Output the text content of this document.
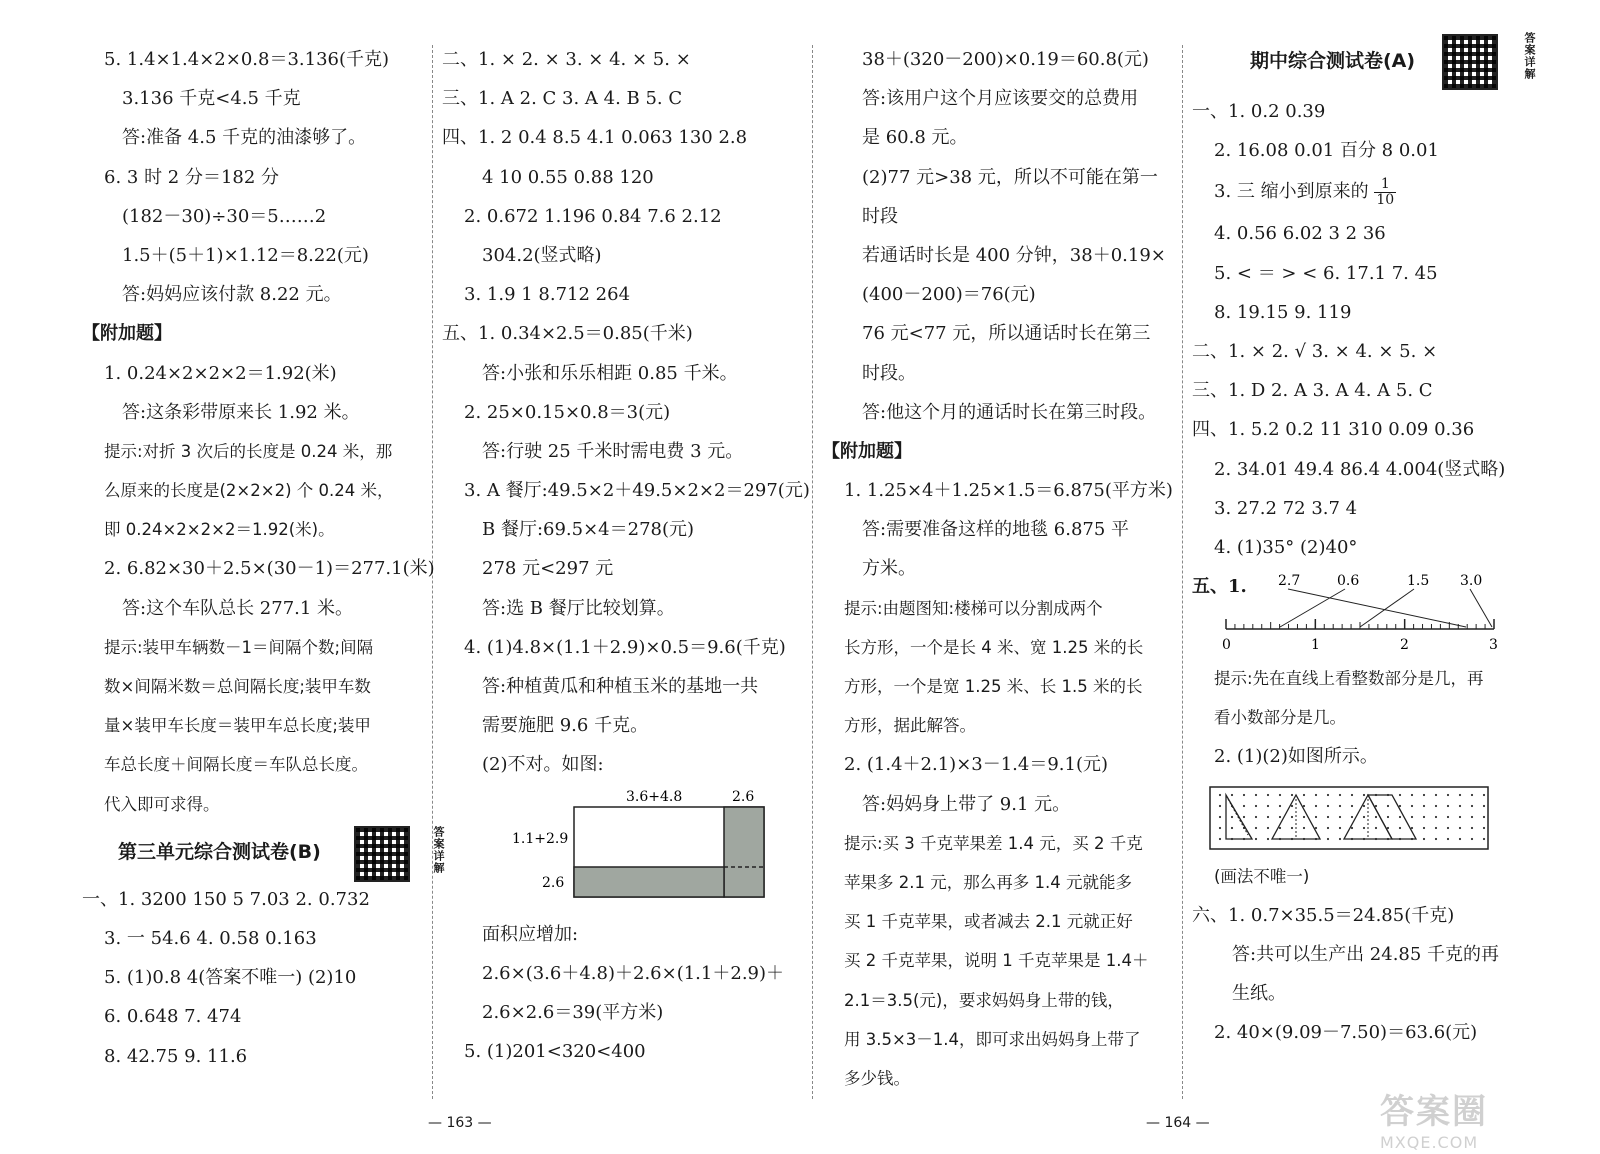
5. 1.4×1.4×2×0.8＝3.136(千克)
3.136 千克<4.5 千克
答:准备 4.5 千克的油漆够了。
6. 3 时 2 分＝182 分
(182－30)÷30＝5……2
1.5＋(5＋1)×1.12＝8.22(元)
答:妈妈应该付款 8.22 元。
【附加题】
1. 0.24×2×2×2＝1.92(米)
答:这条彩带原来长 1.92 米。
提示:对折 3 次后的长度是 0.24 米，那
么原来的长度是(2×2×2) 个 0.24 米，
即 0.24×2×2×2＝1.92(米)。
2. 6.82×30＋2.5×(30－1)＝277.1(米)
答:这个车队总长 277.1 米。
提示:装甲车辆数－1＝间隔个数;间隔
数×间隔米数＝总间隔长度;装甲车数
量×装甲车长度＝装甲车总长度;装甲
车总长度＋间隔长度＝车队总长度。
代入即可求得。
第三单元综合测试卷(B)	答案详解
一、1. 3200 150 5 7.03 2. 0.732
3. 一 54.6 4. 0.58 0.163
5. (1)0.8 4(答案不唯一) (2)10
6. 0.648 7. 474
8. 42.75 9. 11.6
二、1. × 2. × 3. × 4. × 5. ×
三、1. A 2. C 3. A 4. B 5. C
四、1. 2 0.4 8.5 4.1 0.063 130 2.8
4 10 0.55 0.88 120
2. 0.672 1.196 0.84 7.6 2.12
304.2(竖式略)
3. 1.9 1 8.712 264
五、1. 0.34×2.5＝0.85(千米)
答:小张和乐乐相距 0.85 千米。
2. 25×0.15×0.8＝3(元)
答:行驶 25 千米时需电费 3 元。
3. A 餐厅:49.5×2＋49.5×2×2＝297(元)
B 餐厅:69.5×4＝278(元)
278 元<297 元
答:选 B 餐厅比较划算。
4. (1)4.8×(1.1＋2.9)×0.5＝9.6(千克)
答:种植黄瓜和种植玉米的基地一共
需要施肥 9.6 千克。
(2)不对。如图:
3.6+4.8	2.6
1.1+2.9
2.6
面积应增加:
2.6×(3.6＋4.8)＋2.6×(1.1＋2.9)＋
2.6×2.6＝39(平方米)
5. (1)201<320<400
38＋(320－200)×0.19＝60.8(元)
答:该用户这个月应该要交的总费用
是 60.8 元。
(2)77 元>38 元，所以不可能在第一
时段
若通话时长是 400 分钟，38＋0.19×
(400－200)＝76(元)
76 元<77 元，所以通话时长在第三
时段。
答:他这个月的通话时长在第三时段。
【附加题】
1. 1.25×4＋1.25×1.5＝6.875(平方米)
答:需要准备这样的地毯 6.875 平
方米。
提示:由题图知:楼梯可以分割成两个
长方形，一个是长 4 米、宽 1.25 米的长
方形，一个是宽 1.25 米、长 1.5 米的长
方形，据此解答。
2. (1.4＋2.1)×3－1.4＝9.1(元)
答:妈妈身上带了 9.1 元。
提示:买 3 千克苹果差 1.4 元，买 2 千克
苹果多 2.1 元，那么再多 1.4 元就能多
买 1 千克苹果，或者减去 2.1 元就正好
买 2 千克苹果，说明 1 千克苹果是 1.4＋
2.1＝3.5(元)，要求妈妈身上带的钱，
用 3.5×3－1.4，即可求出妈妈身上带了
多少钱。
期中综合测试卷(A)	答案详解
一、1. 0.2 0.39
2. 16.08 0.01 百分 8 0.01
3. 三 缩小到原来的 $\frac{1}{10}$
4. 0.56 6.02 3 2 36
5. < ＝ > < 6. 17.1 7. 45
8. 19.15 9. 119
二、1. × 2. √ 3. × 4. × 5. ×
三、1. D 2. A 3. A 4. A 5. C
四、1. 5.2 0.2 11 310 0.09 0.36
2. 34.01 49.4 86.4 4.004(竖式略)
3. 27.2 72 3.7 4
4. (1)35° (2)40°
五、1. 2.7	0.6	1.5 3.0
0	1	2	3
提示:先在直线上看整数部分是几，再
看小数部分是几。
2. (1)(2)如图所示。
(画法不唯一)
六、1. 0.7×35.5＝24.85(千克)
答:共可以生产出 24.85 千克的再
生纸。
2. 40×(9.09－7.50)＝63.6(元)
— 163 —	— 164 —	答案圈
MXQE.COM
